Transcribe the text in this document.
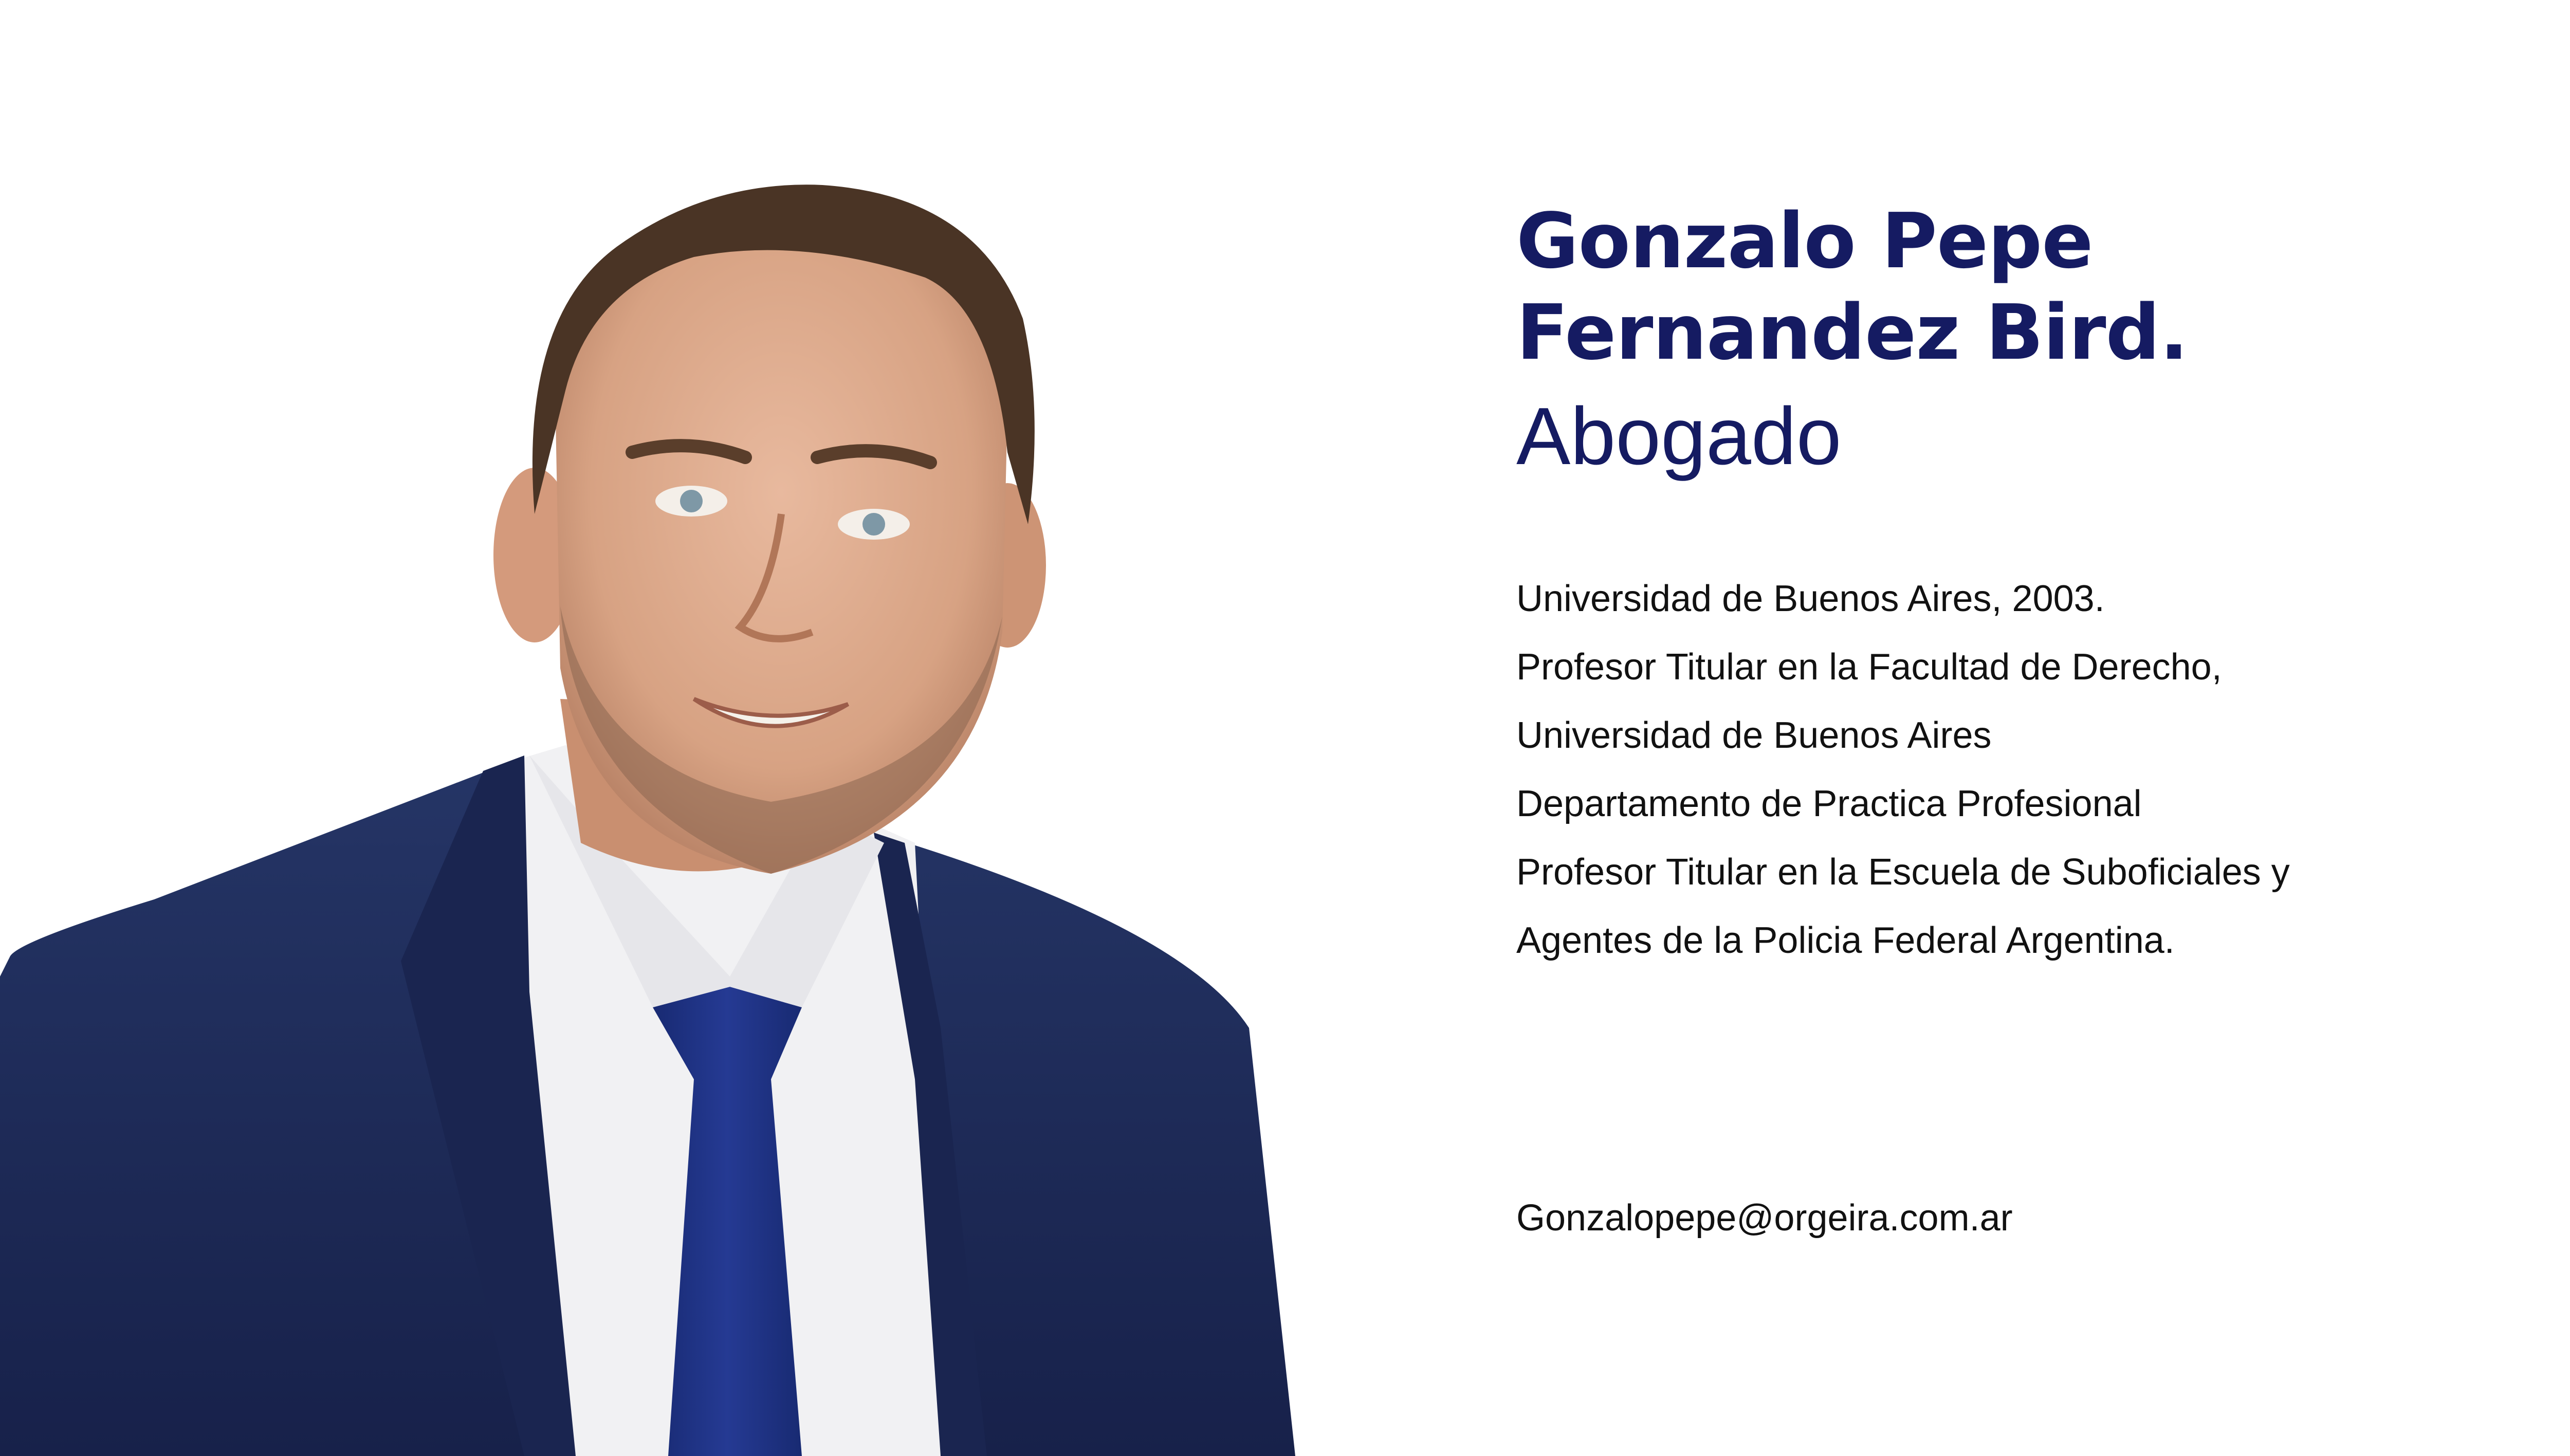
Gonzalo Pepe
Fernandez Bird.
Abogado
Universidad de Buenos Aires, 2003.
Profesor Titular en la Facultad de Derecho,
Universidad de Buenos Aires
Departamento de Practica Profesional
Profesor Titular en la Escuela de Suboficiales y
Agentes de la Policia Federal Argentina.
Gonzalopepe@orgeira.com.ar
